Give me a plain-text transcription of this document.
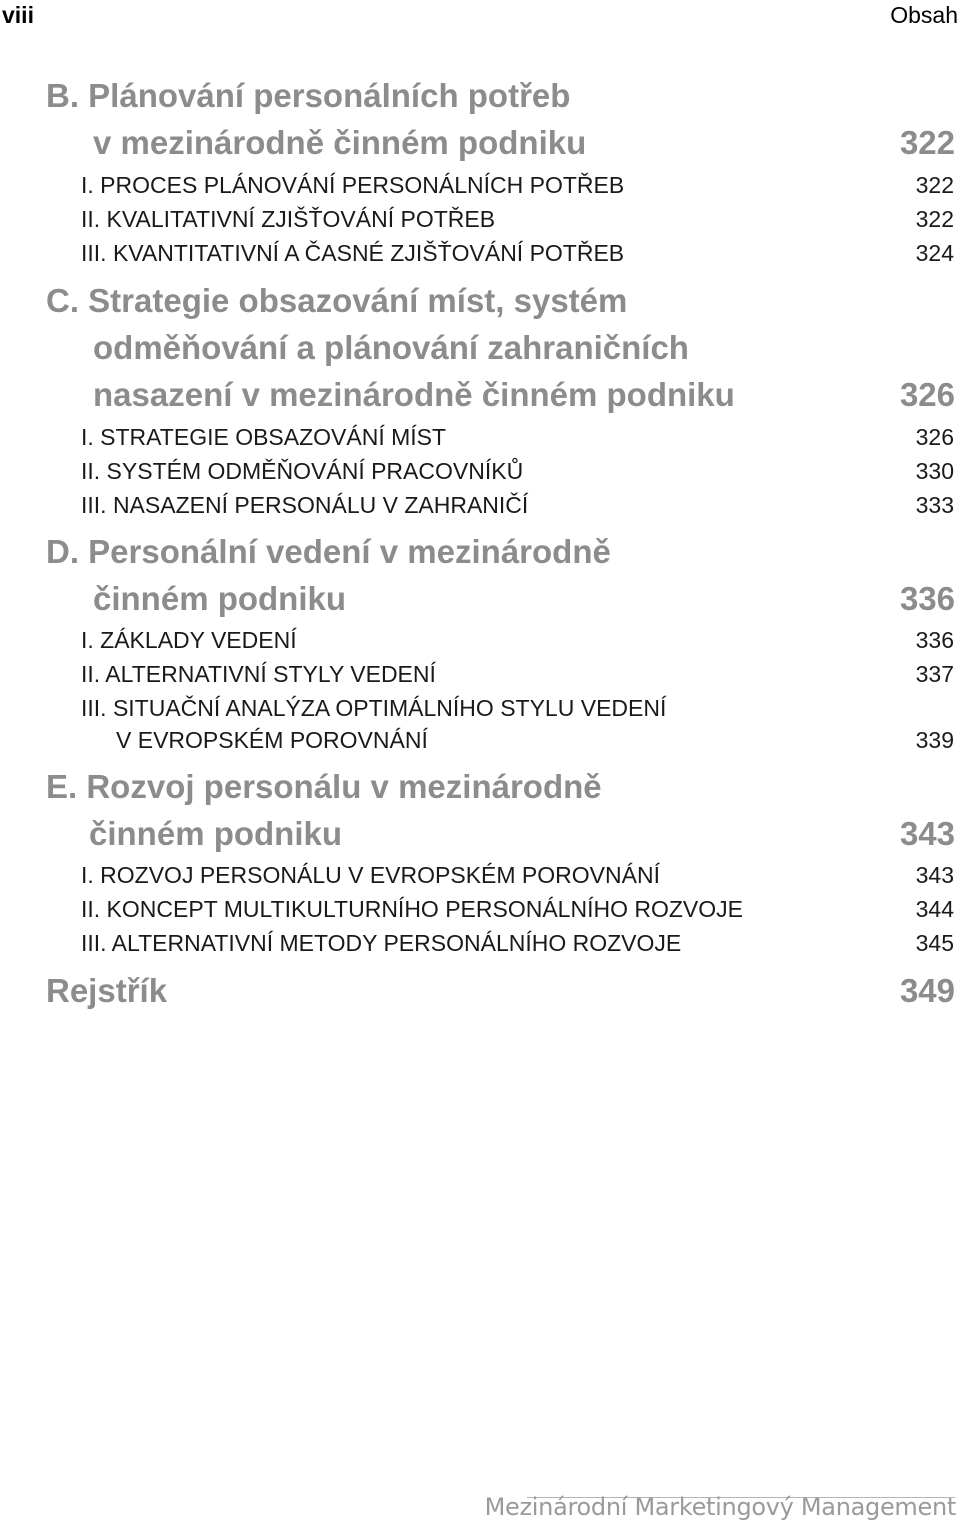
viii	Obsah
B. Plánování personálních potřeb
v mezinárodně činném podniku	322
I. PROCES PLÁNOVÁNÍ PERSONÁLNÍCH POTŘEB	322
II. KVALITATIVNÍ ZJIŠŤOVÁNÍ POTŘEB	322
III. KVANTITATIVNÍ A ČASNÉ ZJIŠŤOVÁNÍ POTŘEB	324
C. Strategie obsazování míst, systém
odměňování a plánování zahraničních
nasazení v mezinárodně činném podniku	326
I. STRATEGIE OBSAZOVÁNÍ MÍST	326
II. SYSTÉM ODMĚŇOVÁNÍ PRACOVNÍKŮ	330
III. NASAZENÍ PERSONÁLU V ZAHRANIČÍ	333
D. Personální vedení v mezinárodně
činném podniku	336
I. ZÁKLADY VEDENÍ	336
II. ALTERNATIVNÍ STYLY VEDENÍ	337
III. SITUAČNÍ ANALÝZA OPTIMÁLNÍHO STYLU VEDENÍ
V EVROPSKÉM POROVNÁNÍ	339
E. Rozvoj personálu v mezinárodně
činném podniku	343
I. ROZVOJ PERSONÁLU V EVROPSKÉM POROVNÁNÍ	343
II. KONCEPT MULTIKULTURNÍHO PERSONÁLNÍHO ROZVOJE	344
III. ALTERNATIVNÍ METODY PERSONÁLNÍHO ROZVOJE	345
Rejstřík	349
Mezinárodní Marketingový Management
